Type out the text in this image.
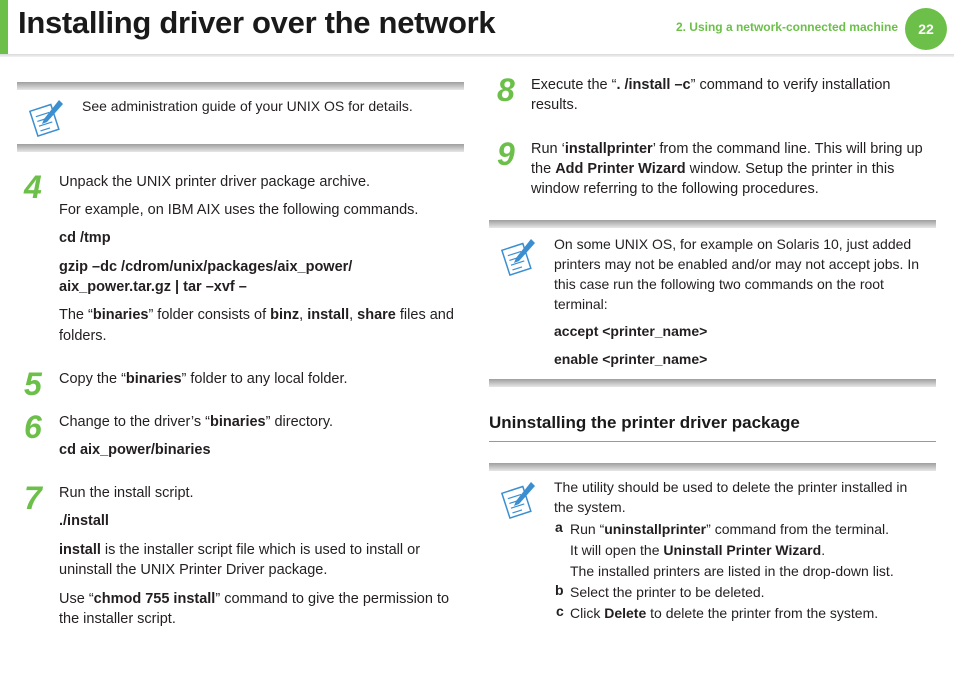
Installing driver over the network	2. Using a network-connected machine	22
See administration guide of your UNIX OS for details.
4 Unpack the UNIX printer driver package archive.
For example, on IBM AIX uses the following commands.
cd /tmp
gzip –dc /cdrom/unix/packages/aix_power/
aix_power.tar.gz | tar –xvf –
The “binaries” folder consists of binz, install, share files and
folders.
5 Copy the “binaries” folder to any local folder.
6 Change to the driver’s “binaries” directory.
cd aix_power/binaries
7 Run the install script.
./install
install is the installer script file which is used to install or
uninstall the UNIX Printer Driver package.
Use “chmod 755 install” command to give the permission to
the installer script.
8 Execute the “. /install –c” command to verify installation
results.
9 Run ‘installprinter’ from the command line. This will bring up
the Add Printer Wizard window. Setup the printer in this
window referring to the following procedures.
On some UNIX OS, for example on Solaris 10, just added
printers may not be enabled and/or may not accept jobs. In
this case run the following two commands on the root
terminal:
accept <printer_name>
enable <printer_name>
Uninstalling the printer driver package
The utility should be used to delete the printer installed in
the system.
a Run “uninstallprinter” command from the terminal.
It will open the Uninstall Printer Wizard.
The installed printers are listed in the drop-down list.
b Select the printer to be deleted.
c Click Delete to delete the printer from the system.
